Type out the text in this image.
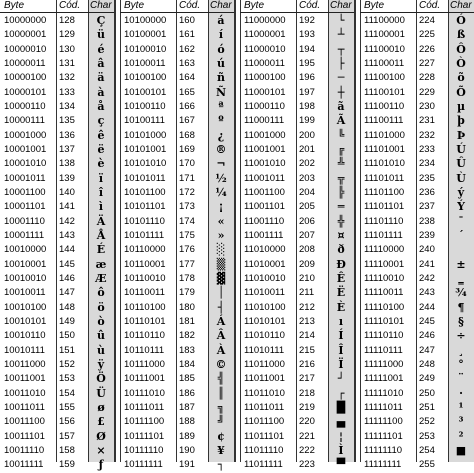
Byte	Cód. Char
10000000 128	Ç
10000001 129	ü
10000010 130	é
10000011 131	â
10000100 132	ä
10000101 133	à
10000110 134	å
10000111 135	ç
10001000 136	ê
10001001 137	ë
10001010 138	è
10001011 139	ï
10001100 140	î
10001101 141	ì
10001110 142	Ä
10001111 143	Å
10010000 144	É
10010001 145	æ
10010010 146	Æ
10010011 147	ô
10010100 148	ö
10010101 149	ò
10010110 150	û
10010111 151	ù
10011000 152	ÿ
10011001 153	Ö
10011010 154	Ü
10011011 155	ø
10011100 156	£
10011101 157	Ø
10011110 158	×
10011111 159	ƒ
Byte	Cód. Char
10100000 160	á
10100001 161	í
10100010 162	ó
10100011 163	ú
10100100 164	ñ
10100101 165	Ñ
10100110 166	ª
10100111 167	º
10101000 168	¿
10101001 169	®
10101010 170	¬
10101011 171	½
10101100 172	¼
10101101 173	¡
10101110 174	«
10101111 175	»
10110000 176	░
10110001 177	▒
10110010 178	▓
10110011 179	│
10110100 180	┤
10110101 181	Á
10110110 182	Â
10110111 183	À
10111000 184	©
10111001 185	╣
10111010 186	║
10111011 187	╗
10111100 188	╝
10111101 189	¢
10111110 190	¥
10111111 191	┐
Byte	Cód. Char
11000000 192	└
11000001 193	┴
11000010 194	┬
11000011 195	├
11000100 196	─
11000101 197	┼
11000110 198	ã
11000111 199	Ã
11001000 200	╚
11001001 201	╔
11001010 202	╩
11001011 203	╦
11001100 204	╠
11001101 205	═
11001110 206	╬
11001111 207	¤
11010000 208	ð
11010001 209	Ð
11010010 210	Ê
11010011 211	Ë
11010100 212	È
11010101 213	ı
11010110 214	Í
11010111 215	Î
11011000 216	Ï
11011001 217	┘
11011010 218	┌
11011011 219	█
11011100 220	▄
11011101 221	¦
11011110 222	Ì
11011111 223	▀
Byte	Cód. Char
11100000 224	Ó
11100001 225	ß
11100010 226	Ô
11100011 227	Ò
11100100 228	õ
11100101 229	Õ
11100110 230	µ
11100111 231	þ
11101000 232	Þ
11101001 233	Ú
11101010 234	Û
11101011 235	Ù
11101100 236	ý
11101101 237	Ý
11101110 238	¯
11101111 239	´
11110000 240
11110001 241	±
11110010 242	‗
11110011 243	¾
11110100 244	¶
11110101 245	§
11110110 246	÷
11110111 247	¸
11111000 248	°
11111001 249	¨
11111010 250	·
11111011 251	¹
11111100 252	³
11111101 253	²
11111110 254	■
11111111 255
